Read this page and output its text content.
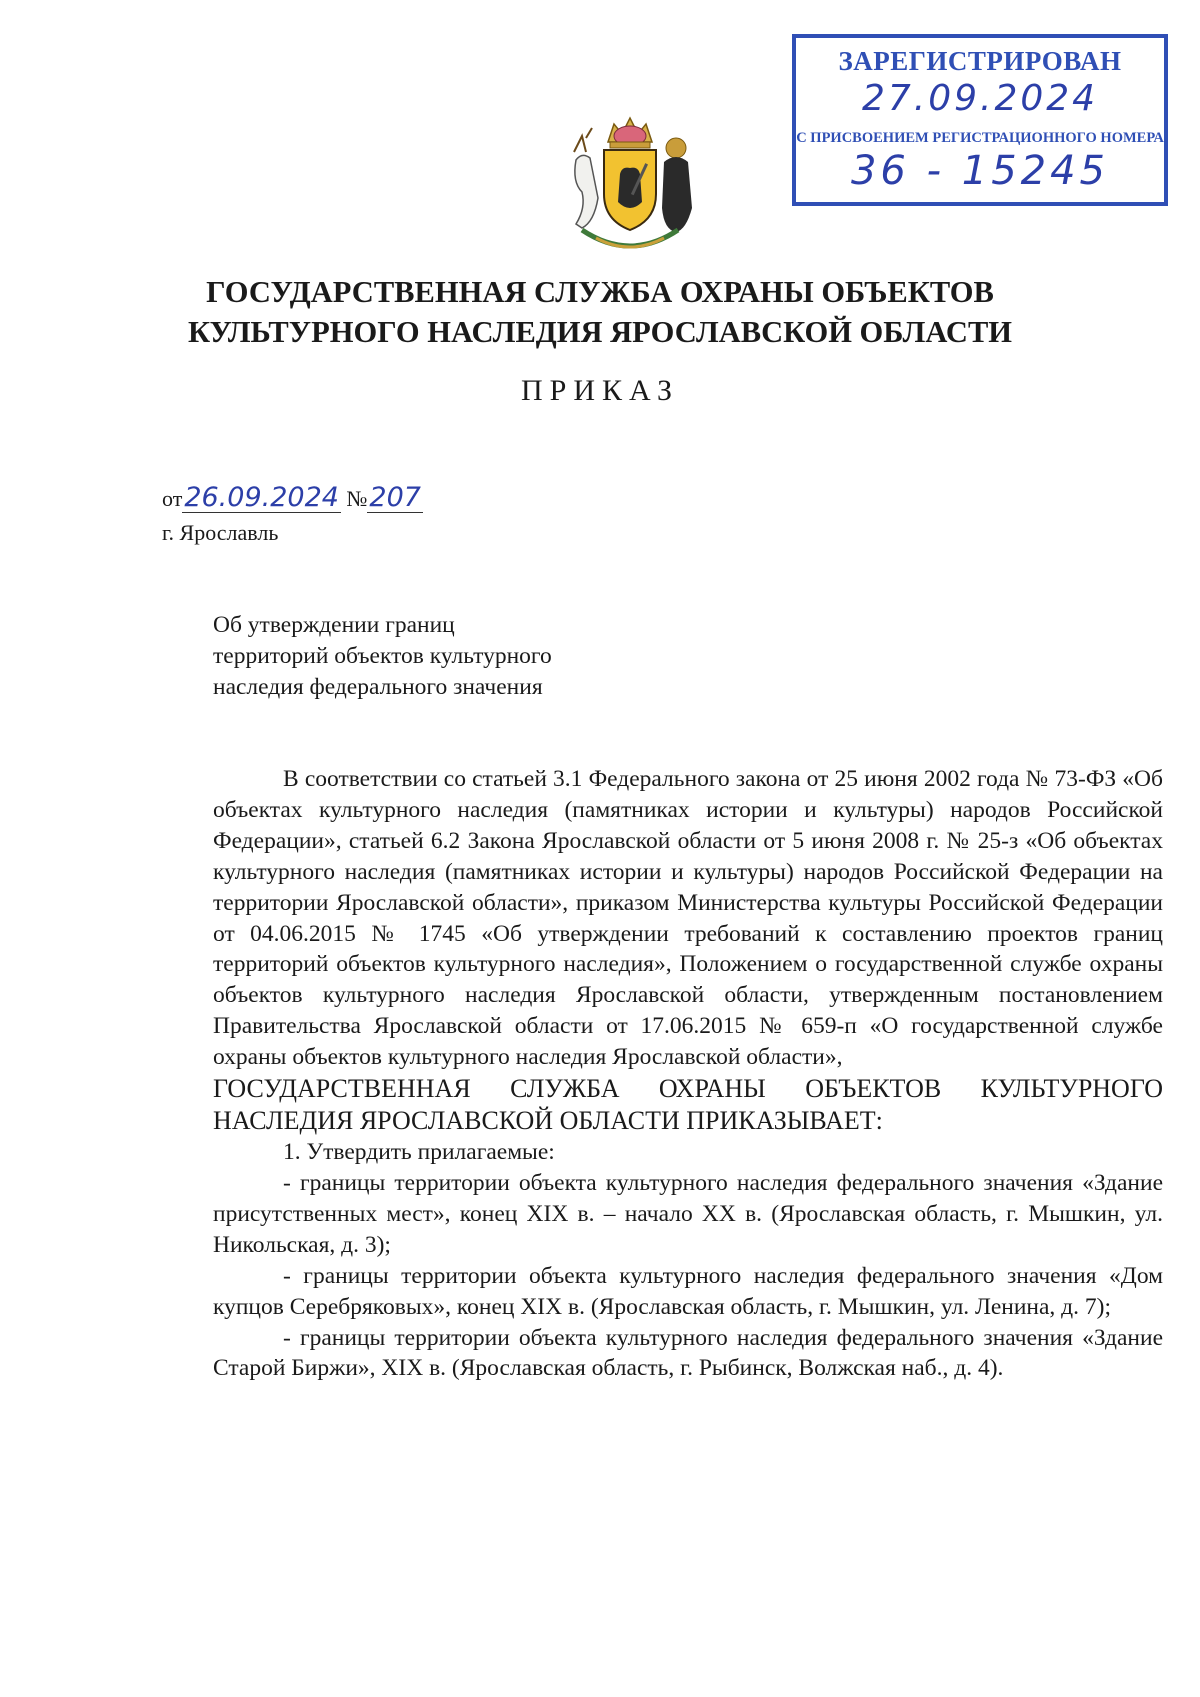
ЗАРЕГИСТРИРОВАН
27.09.2024
С ПРИСВОЕНИЕМ РЕГИСТРАЦИОННОГО НОМЕРА
36 - 15245
ГОСУДАРСТВЕННАЯ СЛУЖБА ОХРАНЫ ОБЪЕКТОВ
КУЛЬТУРНОГО НАСЛЕДИЯ ЯРОСЛАВСКОЙ ОБЛАСТИ
ПРИКАЗ
от26.09.2024 №207
г. Ярославль
Об утверждении границ
территорий объектов культурного
наследия федерального значения

В соответствии со статьей 3.1 Федерального закона от 25 июня 2002 года № 73-ФЗ «Об объектах культурного наследия (памятниках истории и культуры) народов Российской Федерации», статьей 6.2 Закона Ярославской области от 5 июня 2008 г. № 25-з «Об объектах культурного наследия (памятниках истории и культуры) народов Российской Федерации на территории Ярославской области», приказом Министерства культуры Российской Федерации от 04.06.2015 № 1745 «Об утверждении требований к составлению проектов границ территорий объектов культурного наследия», Положением о государственной службе охраны объектов культурного наследия Ярославской области, утвержденным постановлением Правительства Ярославской области от 17.06.2015 № 659-п «О государственной службе охраны объектов культурного наследия Ярославской области»,

ГОСУДАРСТВЕННАЯ СЛУЖБА ОХРАНЫ ОБЪЕКТОВ КУЛЬТУРНОГО НАСЛЕДИЯ ЯРОСЛАВСКОЙ ОБЛАСТИ ПРИКАЗЫВАЕТ:

1. Утвердить прилагаемые:

- границы территории объекта культурного наследия федерального значения «Здание присутственных мест», конец XIX в. – начало XX в. (Ярославская область, г. Мышкин, ул. Никольская, д. 3);

- границы территории объекта культурного наследия федерального значения «Дом купцов Серебряковых», конец XIX в. (Ярославская область, г. Мышкин, ул. Ленина, д. 7);

- границы территории объекта культурного наследия федерального значения «Здание Старой Биржи», XIX в. (Ярославская область, г. Рыбинск, Волжская наб., д. 4).
